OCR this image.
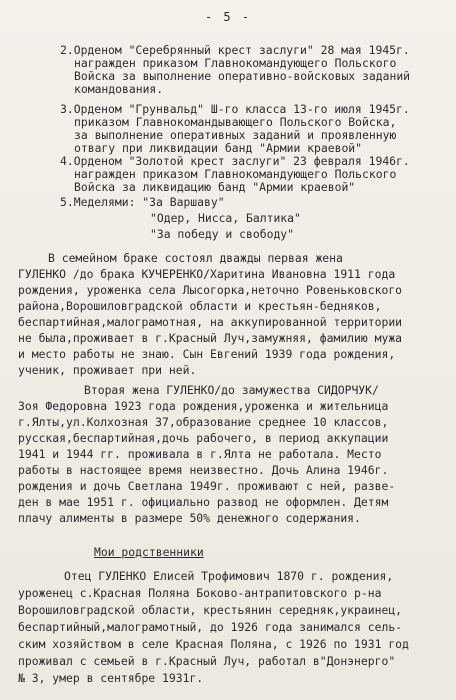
- 5 -

2.Орденом "Серебрянный крест заслуги" 28 мая 1945г.

награжден приказом Главнокомандующего Польского

Войска за выполнение оперативно-войсковых заданий

командования.

3.Орденом "Грунвальд" Ш-го класса 13-го июля 1945г.

приказом Главнокомандывающего Польского Войска,

за выполнение оперативных заданий и проявленную

отвагу при ликвидации банд "Армии краевой"

4.Орденом "Золотой крест заслуги" 23 февраля 1946г.

награжден приказом Главнокомандующего Польского

Войска за ликвидацию банд "Армии краевой"

5.Меделями: "За Варшаву"

"Одер, Нисса, Балтика"

"За победу и свободу"

В семейном браке состоял дважды первая жена

ГУЛЕНКО /до брака КУЧЕРЕНКО/Харитина Ивановна 1911 года

рождения, уроженка села Лысогорка,неточно Ровеньковского

района,Ворошиловградской области и крестьян-бедняков,

беспартийная,малограмотная, на аккупированной территории

не была,проживает в г.Красный Луч,замужняя, фамилию мужа

и место работы не знаю. Сын Евгений 1939 года рождения,

ученик, проживает при ней.

Вторая жена ГУЛЕНКО/до замужества СИДОРЧУК/

Зоя Федоровна 1923 года рождения,уроженка и жительница

г.Ялты,ул.Колхозная 37,образование среднее 10 классов,

русская,беспартийная,дочь рабочего, в период аккупации

1941 и 1944 гг. проживала в г.Ялта не работала. Место

работы в настоящее время неизвестно. Дочь Алина 1946г.

рождения и дочь Светлана 1949г. проживают с ней, разве-

ден в мае 1951 г. официально развод не оформлен. Детям

плачу алименты в размере 50% денежного содержания.

Мои родственники

Отец ГУЛЕНКО Елисей Трофимович 1870 г. рождения,

уроженец с.Красная Поляна Боково-антрапитовского р-на

Ворошиловградской области, крестьянин середняк,украинец,

беспартийный,малограмотный, до 1926 года занимался сель-

ским хозяйством в селе Красная Поляна, с 1926 по 1931 год

проживал с семьей в г.Красный Луч, работал в"Донэнерго"

№ 3, умер в сентябре 1931г.
